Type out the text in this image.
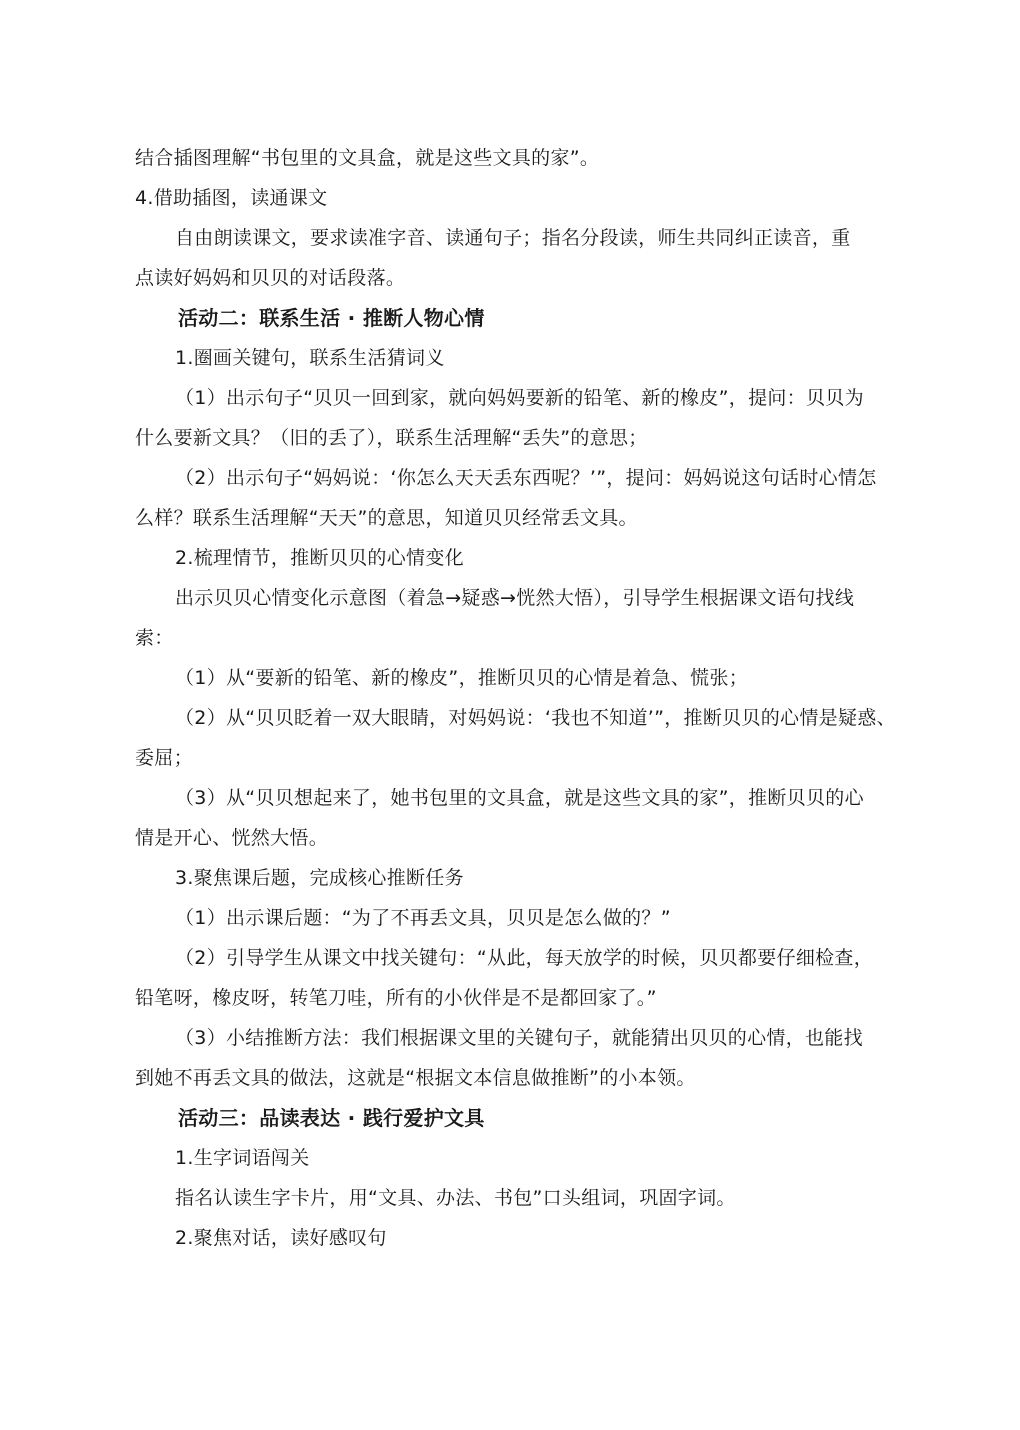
结合插图理解“书包里的文具盒，就是这些文具的家”。
4.借助插图，读通课文
自由朗读课文，要求读准字音、读通句子；指名分段读，师生共同纠正读音，重
点读好妈妈和贝贝的对话段落。
活动二：联系生活 · 推断人物心情
1.圈画关键句，联系生活猜词义
（1）出示句子“贝贝一回到家，就向妈妈要新的铅笔、新的橡皮”，提问：贝贝为
什么要新文具？（旧的丢了），联系生活理解“丢失”的意思；
（2）出示句子“妈妈说：‘你怎么天天丢东西呢？’”，提问：妈妈说这句话时心情怎
么样？联系生活理解“天天”的意思，知道贝贝经常丢文具。
2.梳理情节，推断贝贝的心情变化
出示贝贝心情变化示意图（着急→疑惑→恍然大悟），引导学生根据课文语句找线
索：
（1）从“要新的铅笔、新的橡皮”，推断贝贝的心情是着急、慌张；
（2）从“贝贝眨着一双大眼睛，对妈妈说：‘我也不知道’”，推断贝贝的心情是疑惑、
委屈；
（3）从“贝贝想起来了，她书包里的文具盒，就是这些文具的家”，推断贝贝的心
情是开心、恍然大悟。
3.聚焦课后题，完成核心推断任务
（1）出示课后题：“为了不再丢文具，贝贝是怎么做的？”
（2）引导学生从课文中找关键句：“从此，每天放学的时候，贝贝都要仔细检查，
铅笔呀，橡皮呀，转笔刀哇，所有的小伙伴是不是都回家了。”
（3）小结推断方法：我们根据课文里的关键句子，就能猜出贝贝的心情，也能找
到她不再丢文具的做法，这就是“根据文本信息做推断”的小本领。
活动三：品读表达 · 践行爱护文具
1.生字词语闯关
指名认读生字卡片，用“文具、办法、书包”口头组词，巩固字词。
2.聚焦对话，读好感叹句
